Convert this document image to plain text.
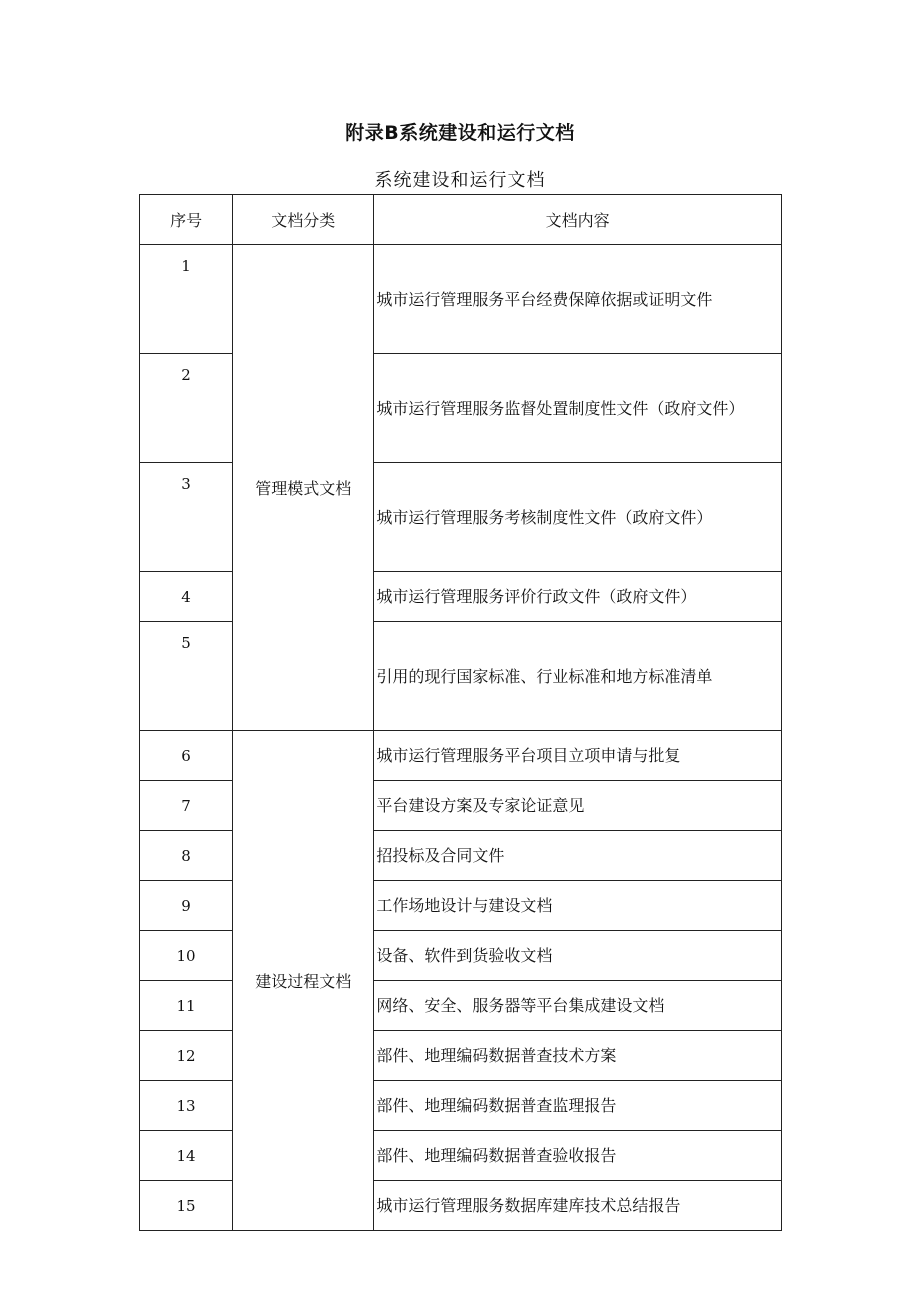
附录B系统建设和运行文档
系统建设和运行文档
序号	文档分类	文档内容
1	管理模式文档	城市运行管理服务平台经费保障依据或证明文件
2		城市运行管理服务监督处置制度性文件（政府文件）
3		城市运行管理服务考核制度性文件（政府文件）
4		城市运行管理服务评价行政文件（政府文件）
5		引用的现行国家标准、行业标准和地方标准清单
6	建设过程文档	城市运行管理服务平台项目立项申请与批复
7		平台建设方案及专家论证意见
8		招投标及合同文件
9		工作场地设计与建设文档
10		设备、软件到货验收文档
11		网络、安全、服务器等平台集成建设文档
12		部件、地理编码数据普查技术方案
13		部件、地理编码数据普查监理报告
14		部件、地理编码数据普查验收报告
15		城市运行管理服务数据库建库技术总结报告
